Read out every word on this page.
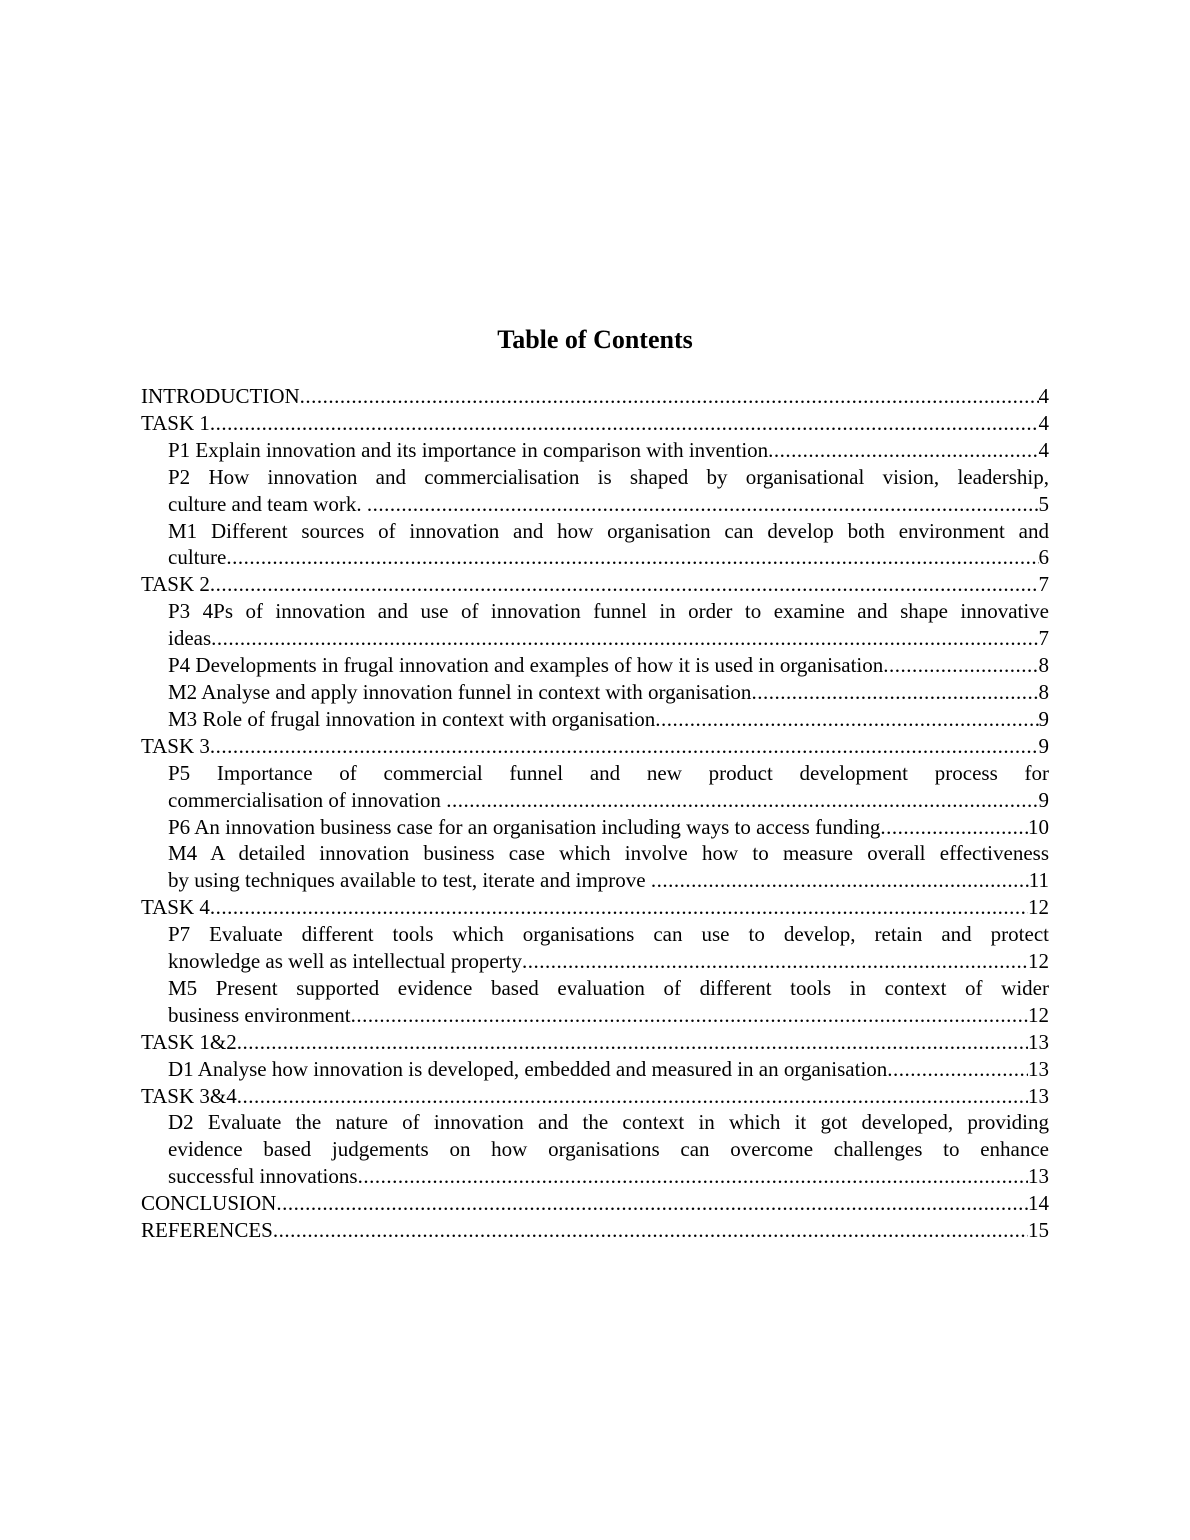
Table of Contents
INTRODUCTION .....	4
TASK 1 .....	4
P1 Explain innovation and its importance in comparison with invention .....	4
P2 How innovation and commercialisation is shaped by organisational vision, leadership,
culture and team work. .....	5
M1 Different sources of innovation and how organisation can develop both environment and
culture .....	6
TASK 2 .....	7
P3 4Ps of innovation and use of innovation funnel in order to examine and shape innovative
ideas .....	7
P4 Developments in frugal innovation and examples of how it is used in organisation .....	8
M2 Analyse and apply innovation funnel in context with organisation .....	8
M3 Role of frugal innovation in context with organisation .....	9
TASK 3 .....	9
P5 Importance of commercial funnel and new product development process for
commercialisation of innovation .....	9
P6 An innovation business case for an organisation including ways to access funding .....	10
M4 A detailed innovation business case which involve how to measure overall effectiveness
by using techniques available to test, iterate and improve .....	11
TASK 4 .....	12
P7 Evaluate different tools which organisations can use to develop, retain and protect
knowledge as well as intellectual property .....	12
M5 Present supported evidence based evaluation of different tools in context of wider
business environment .....	12
TASK 1&2 .....	13
D1 Analyse how innovation is developed, embedded and measured in an organisation .....	13
TASK 3&4 .....	13
D2 Evaluate the nature of innovation and the context in which it got developed, providing
evidence based judgements on how organisations can overcome challenges to enhance
successful innovations .....	13
CONCLUSION .....	14
REFERENCES .....	15
